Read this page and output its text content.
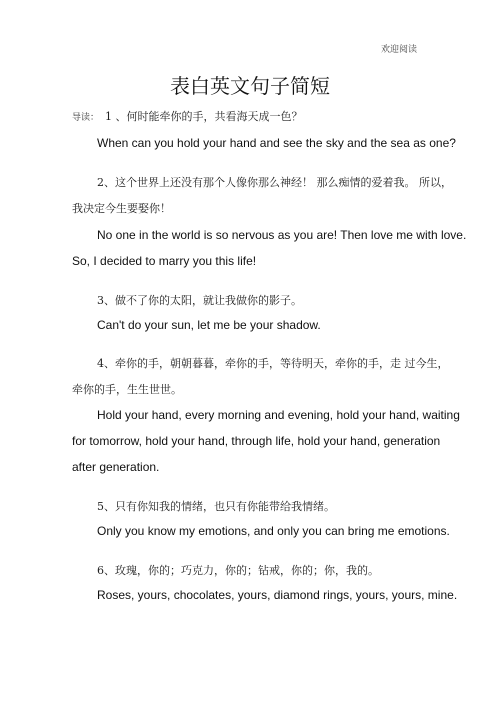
欢迎阅读
表白英文句子简短
导读： 1 、何时能牵你的手，共看海天成一色？
When can you hold your hand and see the sky and the sea as one?
2、这个世界上还没有那个人像你那么神经！ 那么痴情的爱着我。 所以，
我决定今生要娶你！
No one in the world is so nervous as you are! Then love me with love.
So, I decided to marry you this life!
3、做不了你的太阳，就让我做你的影子。
Can't do your sun, let me be your shadow.
4、牵你的手，朝朝暮暮，牵你的手，等待明天，牵你的手，走 过今生，
牵你的手，生生世世。
Hold your hand, every morning and evening, hold your hand, waiting
for tomorrow, hold your hand, through life, hold your hand, generation
after generation.
5、只有你知我的情绪，也只有你能带给我情绪。
Only you know my emotions, and only you can bring me emotions.
6、玫瑰，你的；巧克力，你的；钻戒，你的；你，我的。
Roses, yours, chocolates, yours, diamond rings, yours, yours, mine.
